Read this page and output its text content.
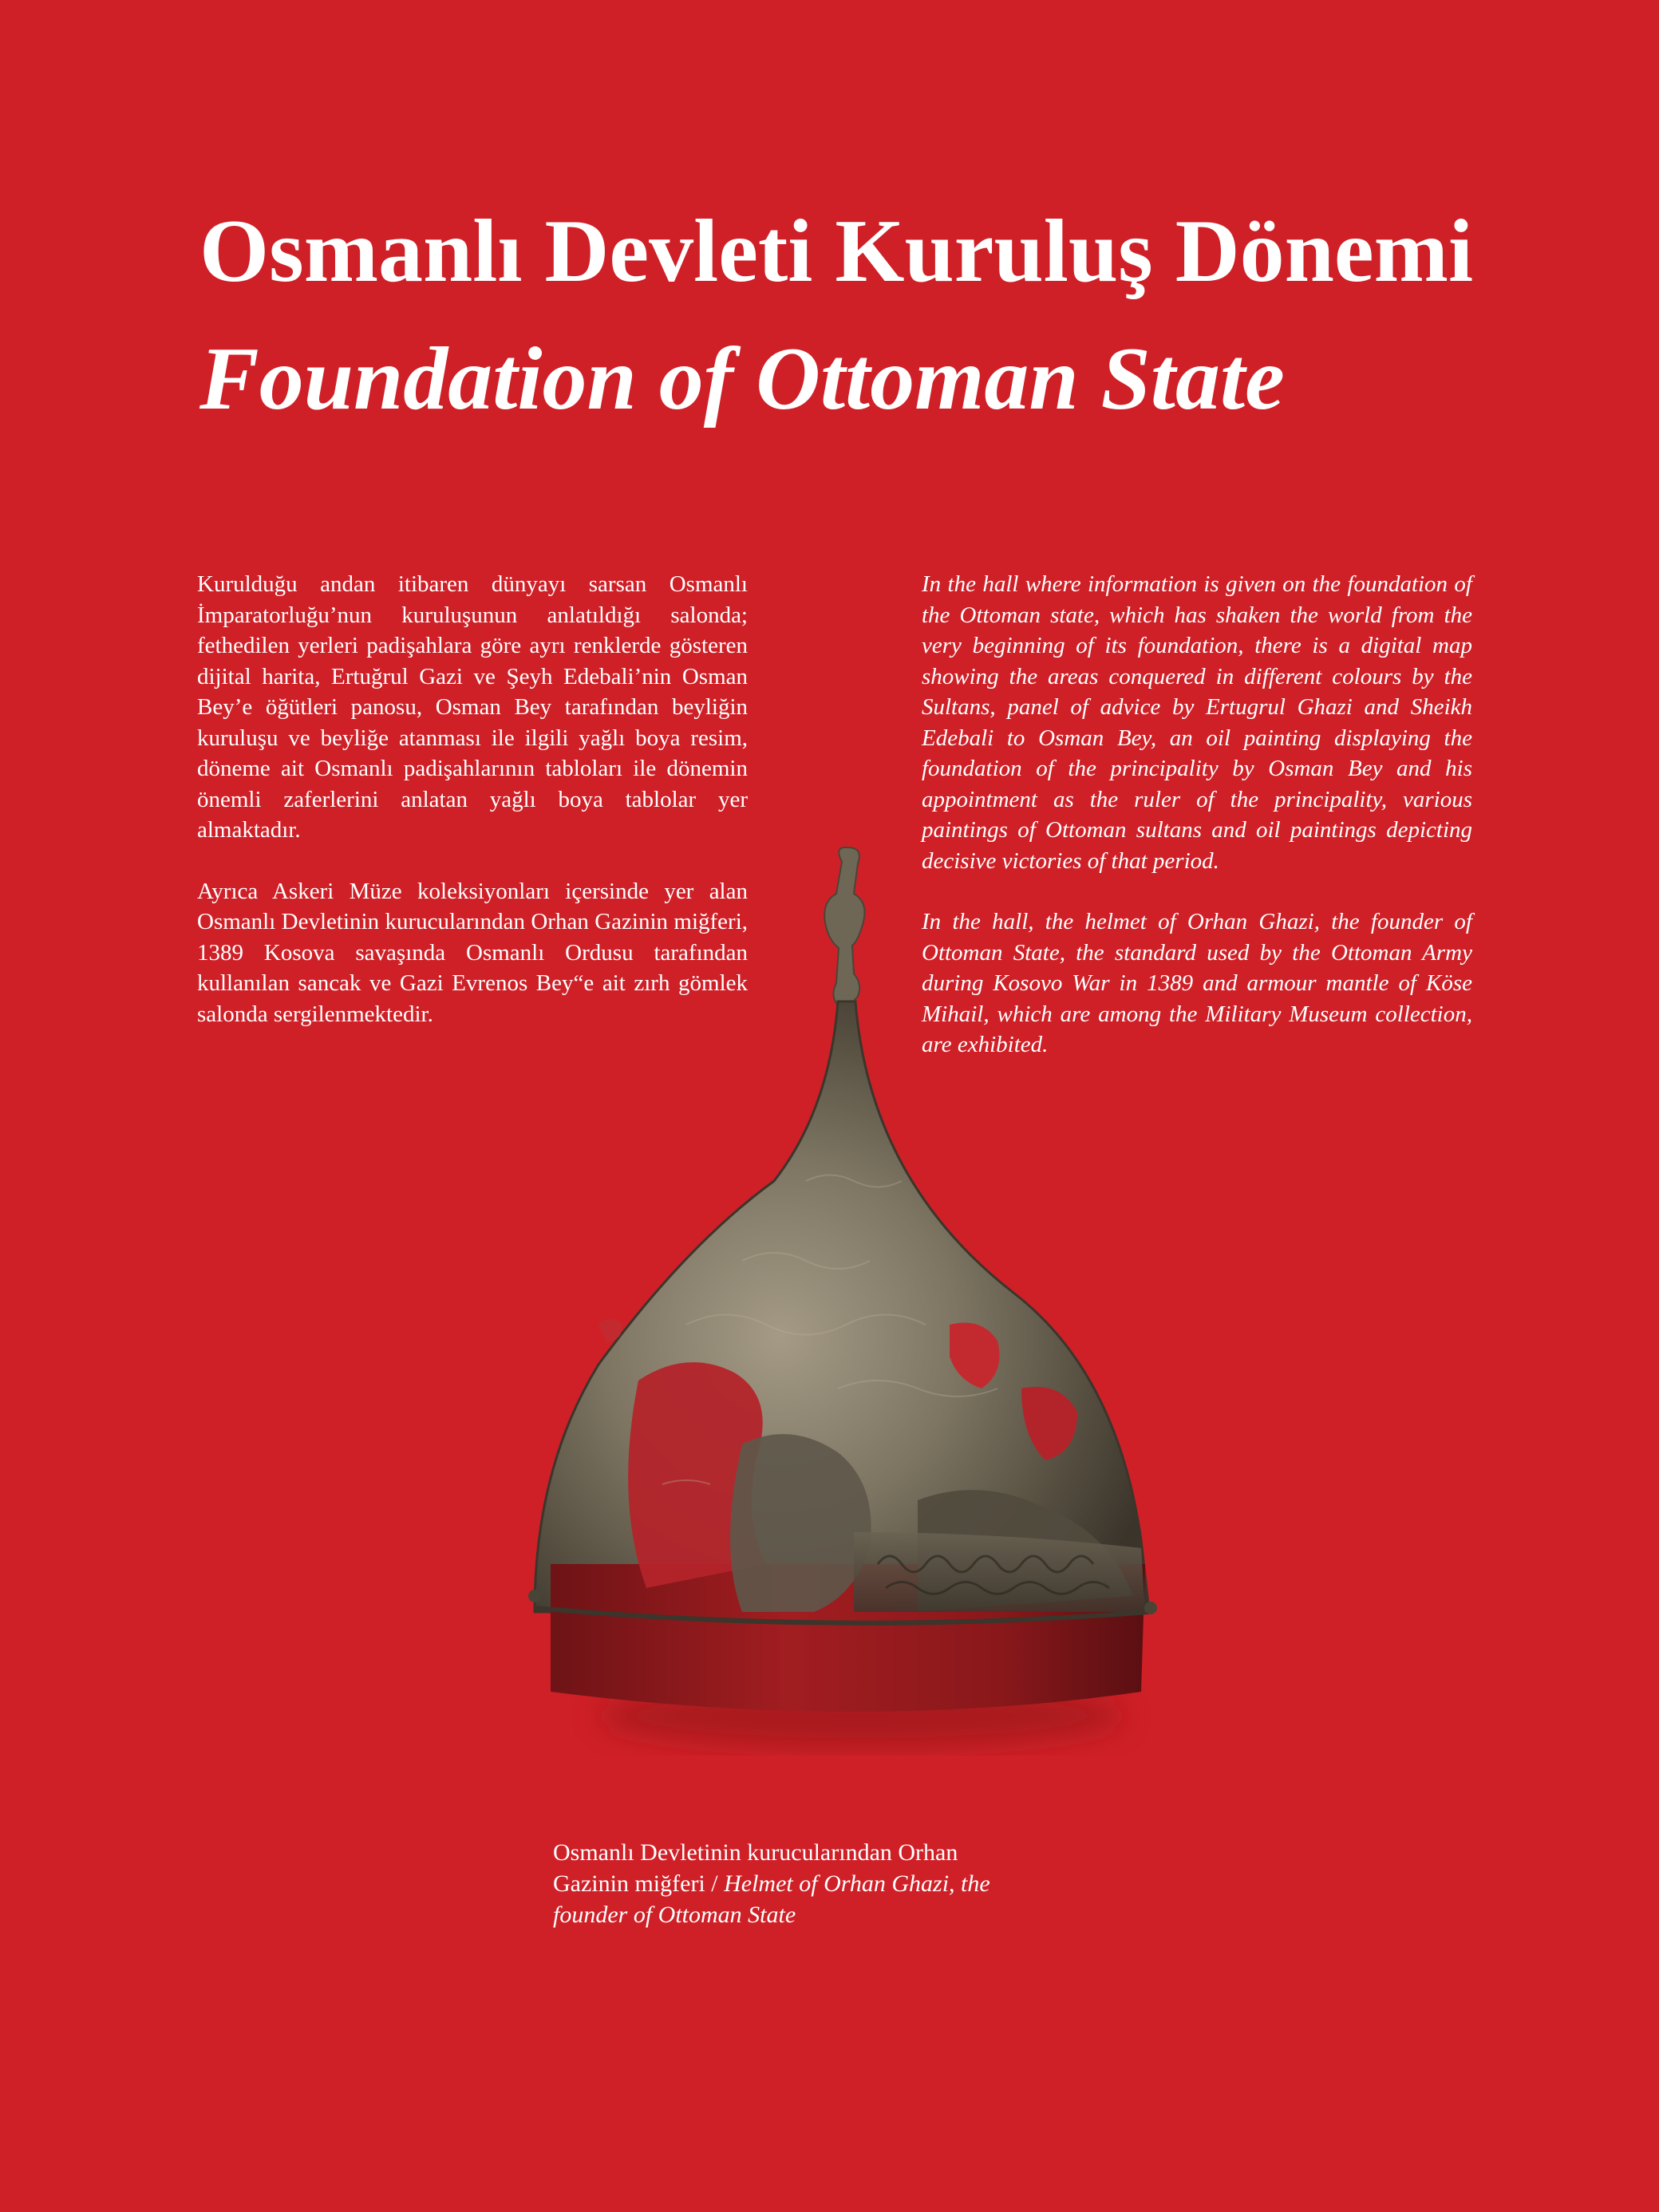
Osmanlı Devleti Kuruluş Dönemi
Foundation of Ottoman State

Kurulduğu andan itibaren dünyayı sarsan Osmanlı İmparatorluğu’nun kuruluşunun anlatıldığı salonda; fethedilen yerleri padişahlara göre ayrı renklerde gösteren dijital harita, Ertuğrul Gazi ve Şeyh Edebali’nin Osman Bey’e öğütleri panosu, Osman Bey tarafından beyliğin kuruluşu ve beyliğe atanması ile ilgili yağlı boya resim, döneme ait Osmanlı padişahlarının tabloları ile dönemin önemli zaferlerini anlatan yağlı boya tablolar yer almaktadır.

Ayrıca Askeri Müze koleksiyonları içersinde yer alan Osmanlı Devletinin kurucularından Orhan Gazinin miğferi, 1389 Kosova savaşında Osmanlı Ordusu tarafından kullanılan sancak ve Gazi Evrenos Bey“e ait zırh gömlek salonda sergilenmektedir.

In the hall where information is given on the foundation of the Ottoman state, which has shaken the world from the very beginning of its foundation, there is a digital map showing the areas conquered in different colours by the Sultans, panel of advice by Ertugrul Ghazi and Sheikh Edebali to Osman Bey, an oil painting displaying the foundation of the principality by Osman Bey and his appointment as the ruler of the principality, various paintings of Ottoman sultans and oil paintings depicting decisive victories of that period.

In the hall, the helmet of Orhan Ghazi, the founder of Ottoman State, the standard used by the Ottoman Army during Kosovo War in 1389 and armour mantle of Köse Mihail, which are among the Military Museum collection, are exhibited.

Osmanlı Devletinin kurucularından Orhan Gazinin miğferi / Helmet of Orhan Ghazi, the founder of Ottoman State
